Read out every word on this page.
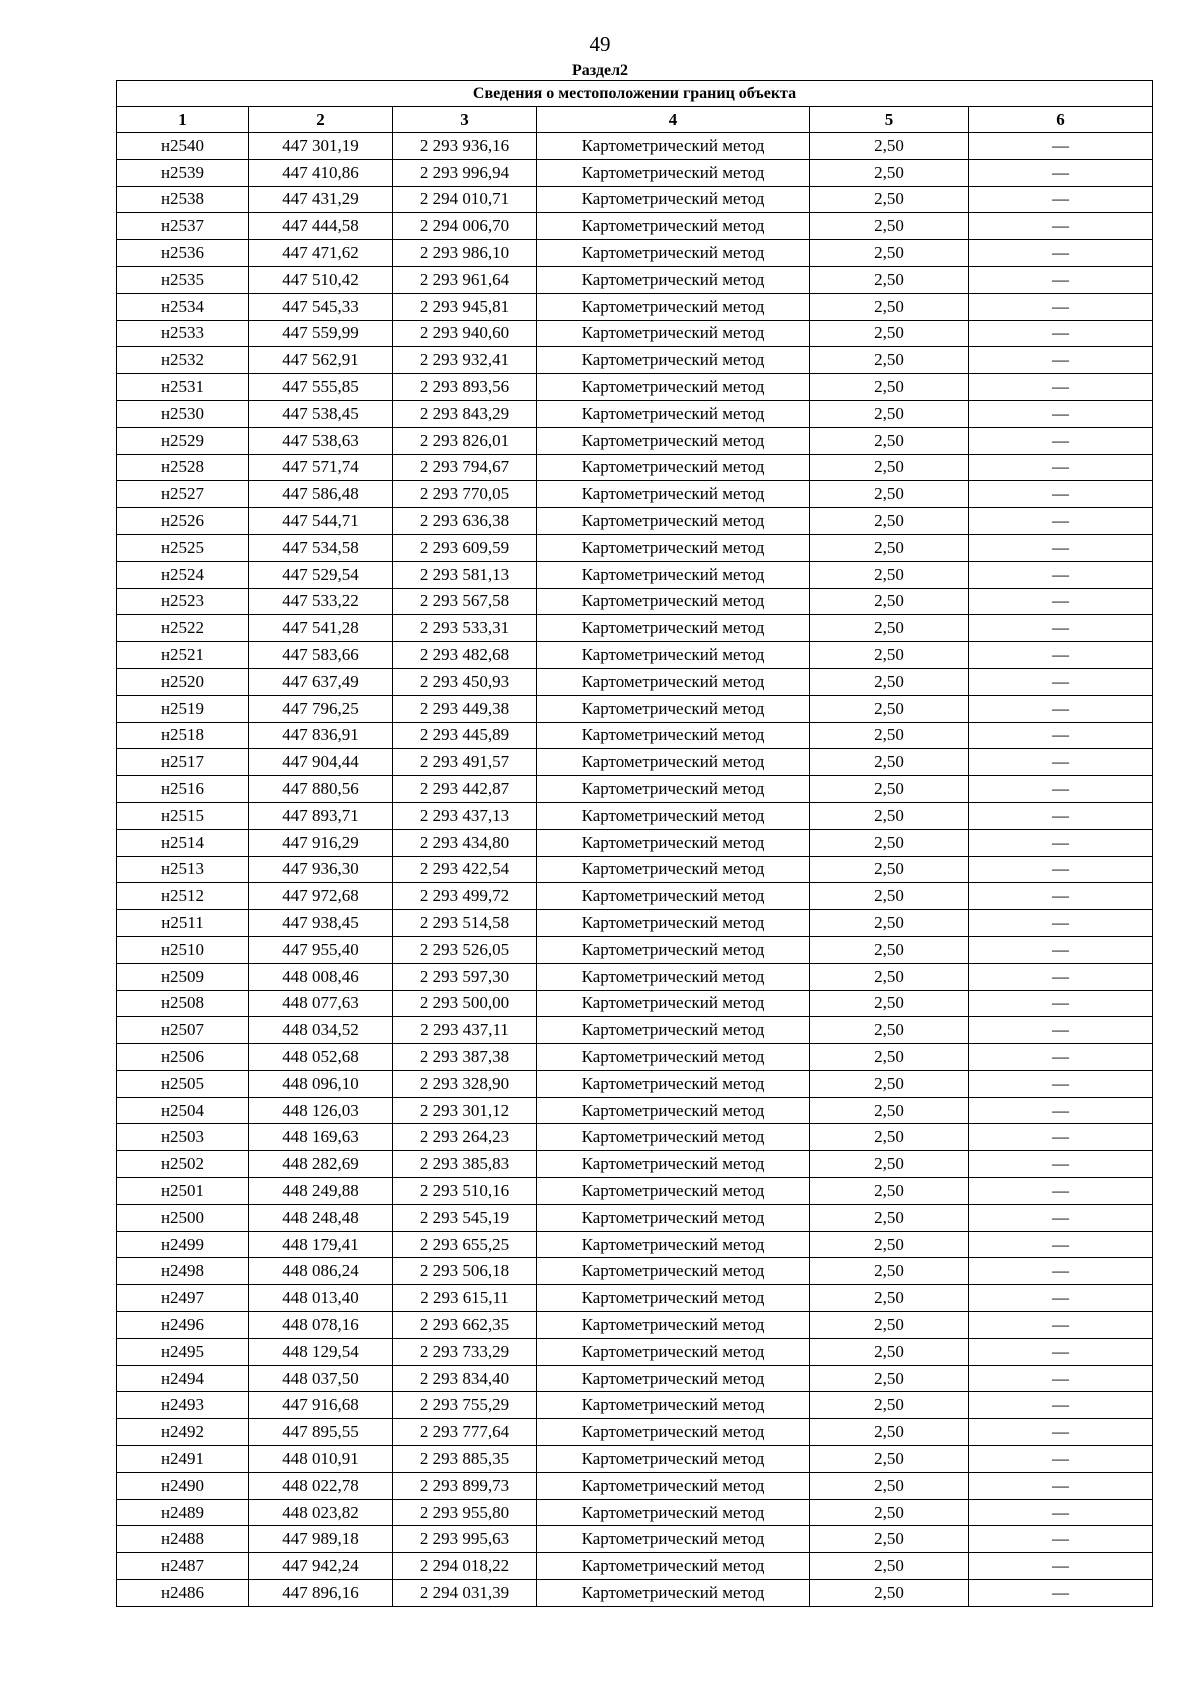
49
Раздел2
Сведения о местоположении границ объекта					
1	2	3	4	5	6
н2540	447 301,19	2 293 936,16	Картометрический метод	2,50	—
н2539	447 410,86	2 293 996,94	Картометрический метод	2,50	—
н2538	447 431,29	2 294 010,71	Картометрический метод	2,50	—
н2537	447 444,58	2 294 006,70	Картометрический метод	2,50	—
н2536	447 471,62	2 293 986,10	Картометрический метод	2,50	—
н2535	447 510,42	2 293 961,64	Картометрический метод	2,50	—
н2534	447 545,33	2 293 945,81	Картометрический метод	2,50	—
н2533	447 559,99	2 293 940,60	Картометрический метод	2,50	—
н2532	447 562,91	2 293 932,41	Картометрический метод	2,50	—
н2531	447 555,85	2 293 893,56	Картометрический метод	2,50	—
н2530	447 538,45	2 293 843,29	Картометрический метод	2,50	—
н2529	447 538,63	2 293 826,01	Картометрический метод	2,50	—
н2528	447 571,74	2 293 794,67	Картометрический метод	2,50	—
н2527	447 586,48	2 293 770,05	Картометрический метод	2,50	—
н2526	447 544,71	2 293 636,38	Картометрический метод	2,50	—
н2525	447 534,58	2 293 609,59	Картометрический метод	2,50	—
н2524	447 529,54	2 293 581,13	Картометрический метод	2,50	—
н2523	447 533,22	2 293 567,58	Картометрический метод	2,50	—
н2522	447 541,28	2 293 533,31	Картометрический метод	2,50	—
н2521	447 583,66	2 293 482,68	Картометрический метод	2,50	—
н2520	447 637,49	2 293 450,93	Картометрический метод	2,50	—
н2519	447 796,25	2 293 449,38	Картометрический метод	2,50	—
н2518	447 836,91	2 293 445,89	Картометрический метод	2,50	—
н2517	447 904,44	2 293 491,57	Картометрический метод	2,50	—
н2516	447 880,56	2 293 442,87	Картометрический метод	2,50	—
н2515	447 893,71	2 293 437,13	Картометрический метод	2,50	—
н2514	447 916,29	2 293 434,80	Картометрический метод	2,50	—
н2513	447 936,30	2 293 422,54	Картометрический метод	2,50	—
н2512	447 972,68	2 293 499,72	Картометрический метод	2,50	—
н2511	447 938,45	2 293 514,58	Картометрический метод	2,50	—
н2510	447 955,40	2 293 526,05	Картометрический метод	2,50	—
н2509	448 008,46	2 293 597,30	Картометрический метод	2,50	—
н2508	448 077,63	2 293 500,00	Картометрический метод	2,50	—
н2507	448 034,52	2 293 437,11	Картометрический метод	2,50	—
н2506	448 052,68	2 293 387,38	Картометрический метод	2,50	—
н2505	448 096,10	2 293 328,90	Картометрический метод	2,50	—
н2504	448 126,03	2 293 301,12	Картометрический метод	2,50	—
н2503	448 169,63	2 293 264,23	Картометрический метод	2,50	—
н2502	448 282,69	2 293 385,83	Картометрический метод	2,50	—
н2501	448 249,88	2 293 510,16	Картометрический метод	2,50	—
н2500	448 248,48	2 293 545,19	Картометрический метод	2,50	—
н2499	448 179,41	2 293 655,25	Картометрический метод	2,50	—
н2498	448 086,24	2 293 506,18	Картометрический метод	2,50	—
н2497	448 013,40	2 293 615,11	Картометрический метод	2,50	—
н2496	448 078,16	2 293 662,35	Картометрический метод	2,50	—
н2495	448 129,54	2 293 733,29	Картометрический метод	2,50	—
н2494	448 037,50	2 293 834,40	Картометрический метод	2,50	—
н2493	447 916,68	2 293 755,29	Картометрический метод	2,50	—
н2492	447 895,55	2 293 777,64	Картометрический метод	2,50	—
н2491	448 010,91	2 293 885,35	Картометрический метод	2,50	—
н2490	448 022,78	2 293 899,73	Картометрический метод	2,50	—
н2489	448 023,82	2 293 955,80	Картометрический метод	2,50	—
н2488	447 989,18	2 293 995,63	Картометрический метод	2,50	—
н2487	447 942,24	2 294 018,22	Картометрический метод	2,50	—
н2486	447 896,16	2 294 031,39	Картометрический метод	2,50	—
